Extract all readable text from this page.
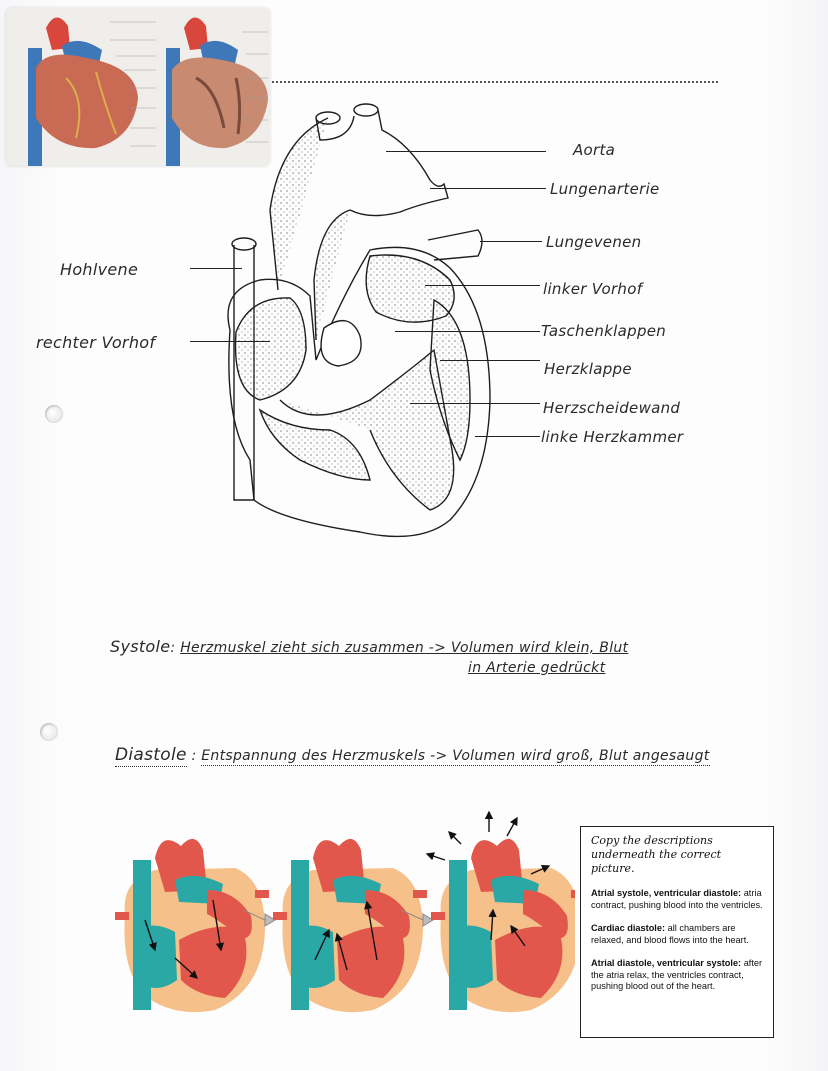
Aorta
Lungenarterie
Lungevenen
linker Vorhof
Taschenklappen
Herzklappe
Herzscheidewand
linke Herzkammer
Hohlvene
rechter Vorhof
Systole: Herzmuskel zieht sich zusammen -> Volumen wird klein, Blut
in Arterie gedrückt
Diastole : Entspannung des Herzmuskels -> Volumen wird groß, Blut angesaugt

Copy the descriptions underneath the correct picture.

Atrial systole, ventricular diastole: atria contract, pushing blood into the ventricles.

Cardiac diastole: all chambers are relaxed, and blood flows into the heart.

Atrial diastole, ventricular systole: after the atria relax, the ventricles contract, pushing blood out of the heart.
